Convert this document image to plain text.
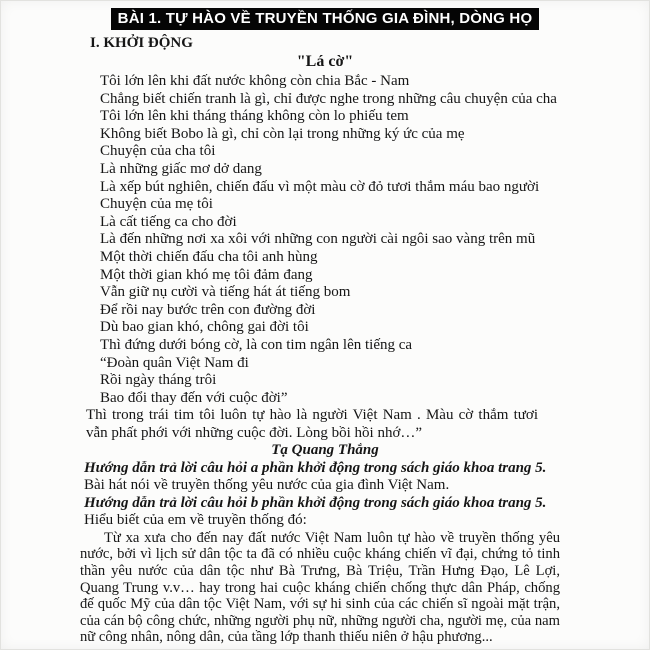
BÀI 1. TỰ HÀO VỀ TRUYỀN THỐNG GIA ĐÌNH, DÒNG HỌ
I. KHỞI ĐỘNG
"Lá cờ"
Tôi lớn lên khi đất nước không còn chia Bắc - Nam
Chẳng biết chiến tranh là gì, chỉ được nghe trong những câu chuyện của cha
Tôi lớn lên khi tháng tháng không còn lo phiếu tem
Không biết Bobo là gì, chỉ còn lại trong những ký ức của mẹ
Chuyện của cha tôi
Là những giấc mơ dở dang
Là xếp bút nghiên, chiến đấu vì một màu cờ đỏ tươi thắm máu bao người
Chuyện của mẹ tôi
Là cất tiếng ca cho đời
Là đến những nơi xa xôi với những con người cài ngôi sao vàng trên mũ
Một thời chiến đấu cha tôi anh hùng
Một thời gian khó mẹ tôi đảm đang
Vẫn giữ nụ cười và tiếng hát át tiếng bom
Để rồi nay bước trên con đường đời
Dù bao gian khó, chông gai đời tôi
Thì đứng dưới bóng cờ, là con tim ngân lên tiếng ca
“Đoàn quân Việt Nam đi
Rồi ngày tháng trôi
Bao đổi thay đến với cuộc đời”
Thì trong trái tim tôi luôn tự hào là người Việt Nam . Màu cờ thắm tươi vẫn phất phới với những cuộc đời. Lòng bồi hồi nhớ…”
Tạ Quang Thắng
Hướng dẫn trả lời câu hỏi a phần khởi động trong sách giáo khoa trang 5.
Bài hát nói về truyền thống yêu nước của gia đình Việt Nam.
Hướng dẫn trả lời câu hỏi b phần khởi động trong sách giáo khoa trang 5.
Hiểu biết của em về truyền thống đó:
Từ xa xưa cho đến nay đất nước Việt Nam luôn tự hào về truyền thống yêu nước, bởi vì lịch sử dân tộc ta đã có nhiều cuộc kháng chiến vĩ đại, chứng tỏ tinh thần yêu nước của dân tộc như Bà Trưng, Bà Triệu, Trần Hưng Đạo, Lê Lợi, Quang Trung v.v… hay trong hai cuộc kháng chiến chống thực dân Pháp, chống đế quốc Mỹ của dân tộc Việt Nam, với sự hi sinh của các chiến sĩ ngoài mặt trận, của cán bộ công chức, những người phụ nữ, những người cha, người mẹ, của nam nữ công nhân, nông dân, của tầng lớp thanh thiếu niên ở hậu phương...
